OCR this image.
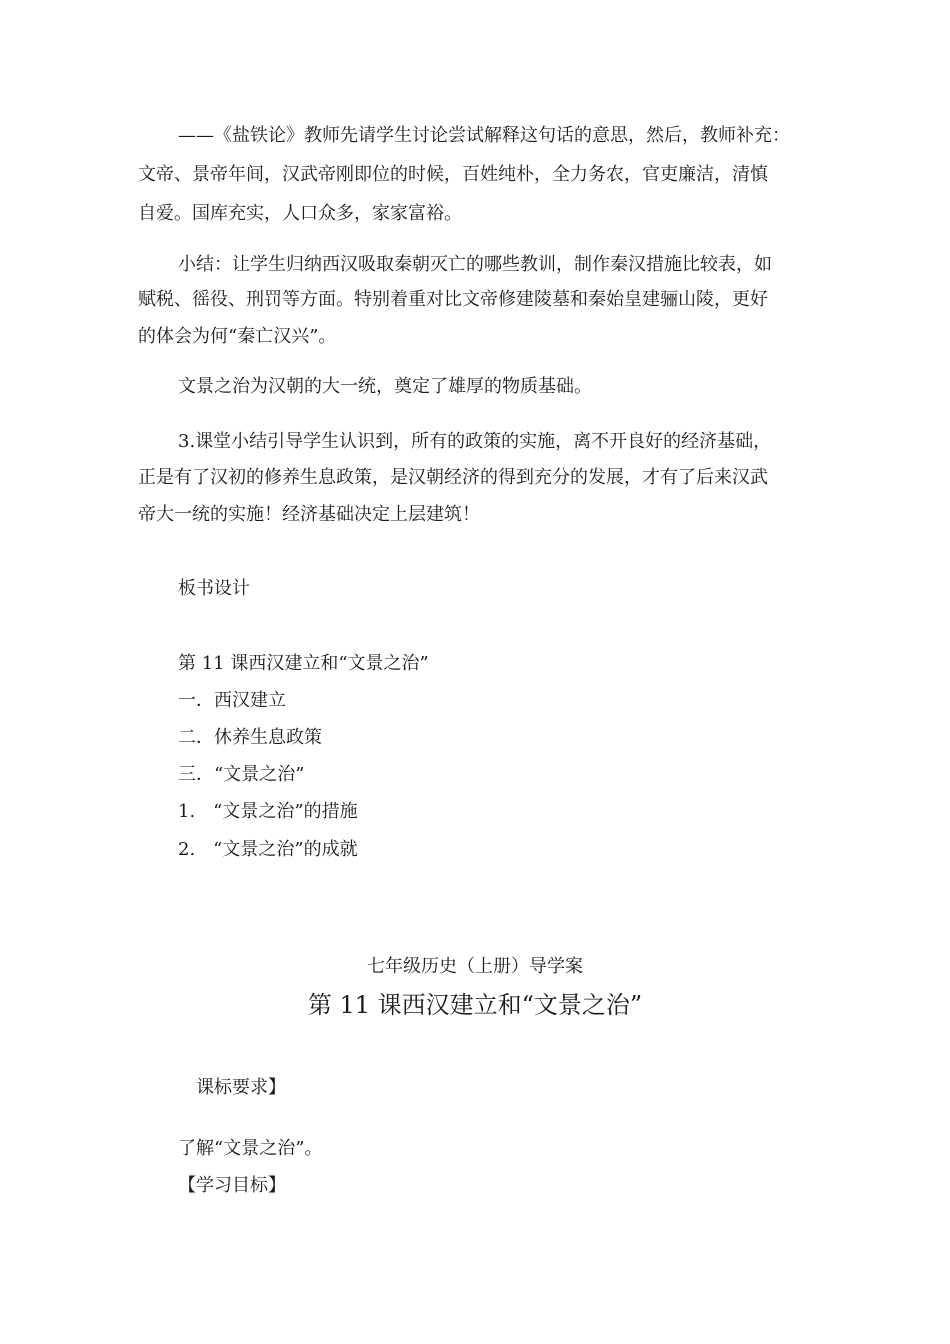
——《盐铁论》教师先请学生讨论尝试解释这句话的意思，然后，教师补充：
文帝、景帝年间，汉武帝刚即位的时候，百姓纯朴，全力务农，官吏廉洁，清慎
自爱。国库充实，人口众多，家家富裕。
小结：让学生归纳西汉吸取秦朝灭亡的哪些教训，制作秦汉措施比较表，如
赋税、徭役、刑罚等方面。特别着重对比文帝修建陵墓和秦始皇建骊山陵，更好
的体会为何“秦亡汉兴”。
文景之治为汉朝的大一统，奠定了雄厚的物质基础。
3.课堂小结引导学生认识到，所有的政策的实施，离不开良好的经济基础，
正是有了汉初的修养生息政策，是汉朝经济的得到充分的发展，才有了后来汉武
帝大一统的实施！经济基础决定上层建筑！
板书设计
第 11 课西汉建立和“文景之治”
一．西汉建立
二．休养生息政策
三．“文景之治”
1.　“文景之治”的措施
2.　“文景之治”的成就
七年级历史（上册）导学案
第 11 课西汉建立和“文景之治”
课标要求】
了解“文景之治”。
【学习目标】
